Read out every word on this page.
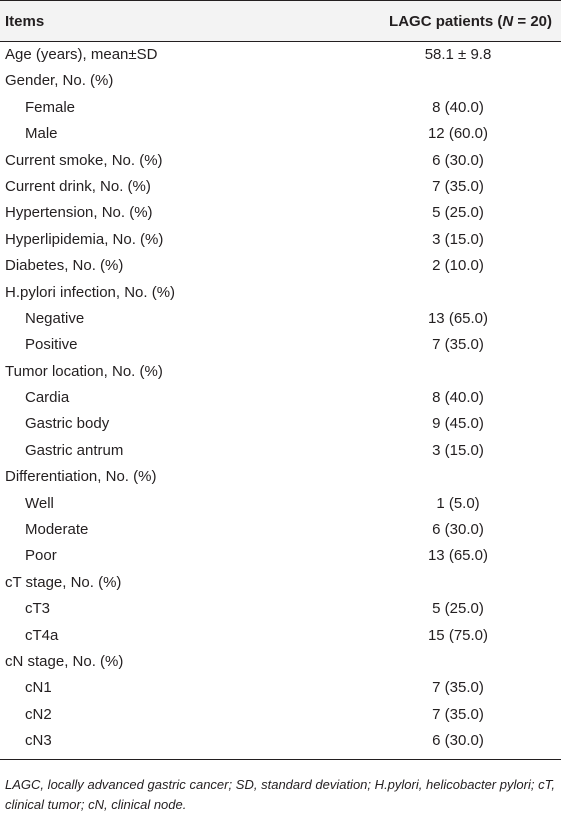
Items	LAGC patients (N = 20)
Age (years), mean±SD	58.1 ± 9.8
Gender, No. (%)
Female	8 (40.0)
Male	12 (60.0)
Current smoke, No. (%)	6 (30.0)
Current drink, No. (%)	7 (35.0)
Hypertension, No. (%)	5 (25.0)
Hyperlipidemia, No. (%)	3 (15.0)
Diabetes, No. (%)	2 (10.0)
H.pylori infection, No. (%)
Negative	13 (65.0)
Positive	7 (35.0)
Tumor location, No. (%)
Cardia	8 (40.0)
Gastric body	9 (45.0)
Gastric antrum	3 (15.0)
Differentiation, No. (%)
Well	1 (5.0)
Moderate	6 (30.0)
Poor	13 (65.0)
cT stage, No. (%)
cT3	5 (25.0)
cT4a	15 (75.0)
cN stage, No. (%)
cN1	7 (35.0)
cN2	7 (35.0)
cN3	6 (30.0)
LAGC, locally advanced gastric cancer; SD, standard deviation; H.pylori, helicobacter pylori; cT, clinical tumor; cN, clinical node.
